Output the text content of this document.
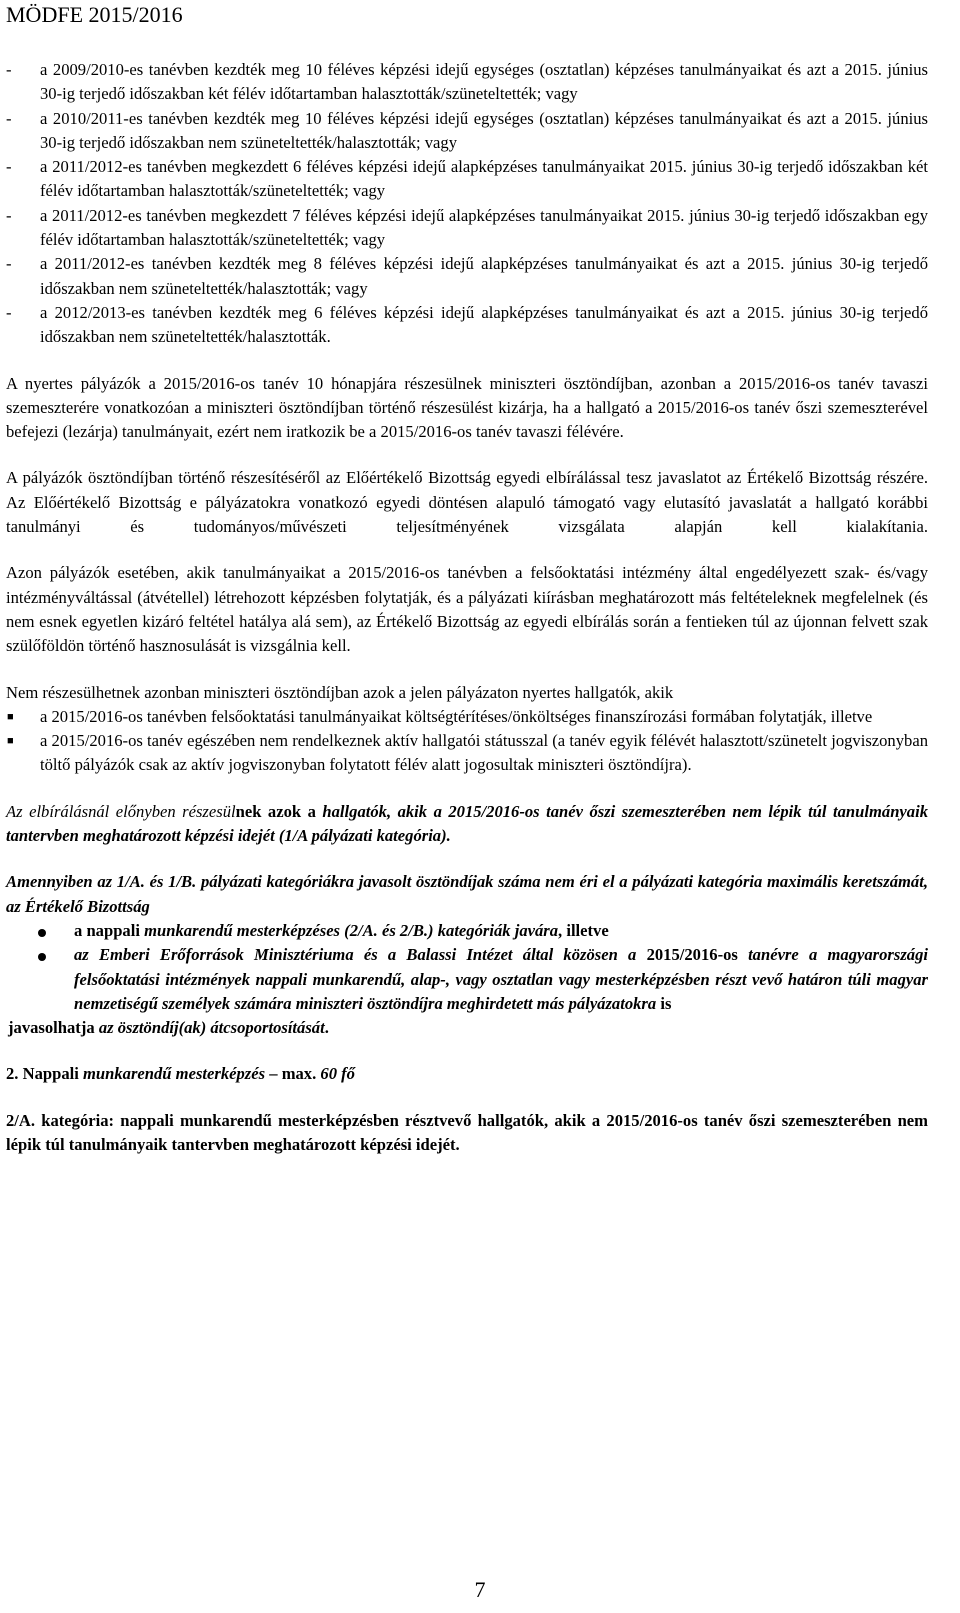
MÖDFE 2015/2016
- a 2009/2010-es tanévben kezdték meg 10 féléves képzési idejű egységes (osztatlan) képzéses tanulmányaikat és azt a 2015. június 30-ig terjedő időszakban két félév időtartamban halasztották/szüneteltették; vagy
- a 2010/2011-es tanévben kezdték meg 10 féléves képzési idejű egységes (osztatlan) képzéses tanulmányaikat és azt a 2015. június 30-ig terjedő időszakban nem szüneteltették/halasztották; vagy
- a 2011/2012-es tanévben megkezdett 6 féléves képzési idejű alapképzéses tanulmányaikat 2015. június 30-ig terjedő időszakban két félév időtartamban halasztották/szüneteltették; vagy
- a 2011/2012-es tanévben megkezdett 7 féléves képzési idejű alapképzéses tanulmányaikat 2015. június 30-ig terjedő időszakban egy félév időtartamban halasztották/szüneteltették; vagy
- a 2011/2012-es tanévben kezdték meg 8 féléves képzési idejű alapképzéses tanulmányaikat és azt a 2015. június 30-ig terjedő időszakban nem szüneteltették/halasztották; vagy
- a 2012/2013-es tanévben kezdték meg 6 féléves képzési idejű alapképzéses tanulmányaikat és azt a 2015. június 30-ig terjedő időszakban nem szüneteltették/halasztották.

A nyertes pályázók a 2015/2016-os tanév 10 hónapjára részesülnek miniszteri ösztöndíjban, azonban a 2015/2016-os tanév tavaszi szemeszterére vonatkozóan a miniszteri ösztöndíjban történő részesülést kizárja, ha a hallgató a 2015/2016-os tanév őszi szemeszterével befejezi (lezárja) tanulmányait, ezért nem iratkozik be a 2015/2016-os tanév tavaszi félévére.

A pályázók ösztöndíjban történő részesítéséről az Előértékelő Bizottság egyedi elbírálással tesz javaslatot az Értékelő Bizottság részére. Az Előértékelő Bizottság e pályázatokra vonatkozó egyedi döntésen alapuló támogató vagy elutasító javaslatát a hallgató korábbi tanulmányi és tudományos/művészeti teljesítményének vizsgálata alapján kell kialakítania.

Azon pályázók esetében, akik tanulmányaikat a 2015/2016-os tanévben a felsőoktatási intézmény által engedélyezett szak- és/vagy intézményváltással (átvétellel) létrehozott képzésben folytatják, és a pályázati kiírásban meghatározott más feltételeknek megfelelnek (és nem esnek egyetlen kizáró feltétel hatálya alá sem), az Értékelő Bizottság az egyedi elbírálás során a fentieken túl az újonnan felvett szak szülőföldön történő hasznosulását is vizsgálnia kell.

Nem részesülhetnek azonban miniszteri ösztöndíjban azok a jelen pályázaton nyertes hallgatók, akik

■ a 2015/2016-os tanévben felsőoktatási tanulmányaikat költségtérítéses/önköltséges finanszírozási formában folytatják, illetve
■ a 2015/2016-os tanév egészében nem rendelkeznek aktív hallgatói státusszal (a tanév egyik félévét halasztott/szünetelt jogviszonyban töltő pályázók csak az aktív jogviszonyban folytatott félév alatt jogosultak miniszteri ösztöndíjra).

Az elbírálásnál előnyben részesülnek azok a hallgatók, akik a 2015/2016-os tanév őszi szemeszterében nem lépik túl tanulmányaik tantervben meghatározott képzési idejét (1/A pályázati kategória).

Amennyiben az 1/A. és 1/B. pályázati kategóriákra javasolt ösztöndíjak száma nem éri el a pályázati kategória maximális keretszámát, az Értékelő Bizottság

a nappali munkarendű mesterképzéses (2/A. és 2/B.) kategóriák javára, illetve
az Emberi Erőforrások Minisztériuma és a Balassi Intézet által közösen a 2015/2016-os tanévre a magyarországi felsőoktatási intézmények nappali munkarendű, alap-, vagy osztatlan vagy mesterképzésben részt vevő határon túli magyar nemzetiségű személyek számára miniszteri ösztöndíjra meghirdetett más pályázatokra is

javasolhatja az ösztöndíj(ak) átcsoportosítását.

2. Nappali munkarendű mesterképzés – max. 60 fő

2/A. kategória: nappali munkarendű mesterképzésben résztvevő hallgatók, akik a 2015/2016-os tanév őszi szemeszterében nem lépik túl tanulmányaik tantervben meghatározott képzési idejét.

7
